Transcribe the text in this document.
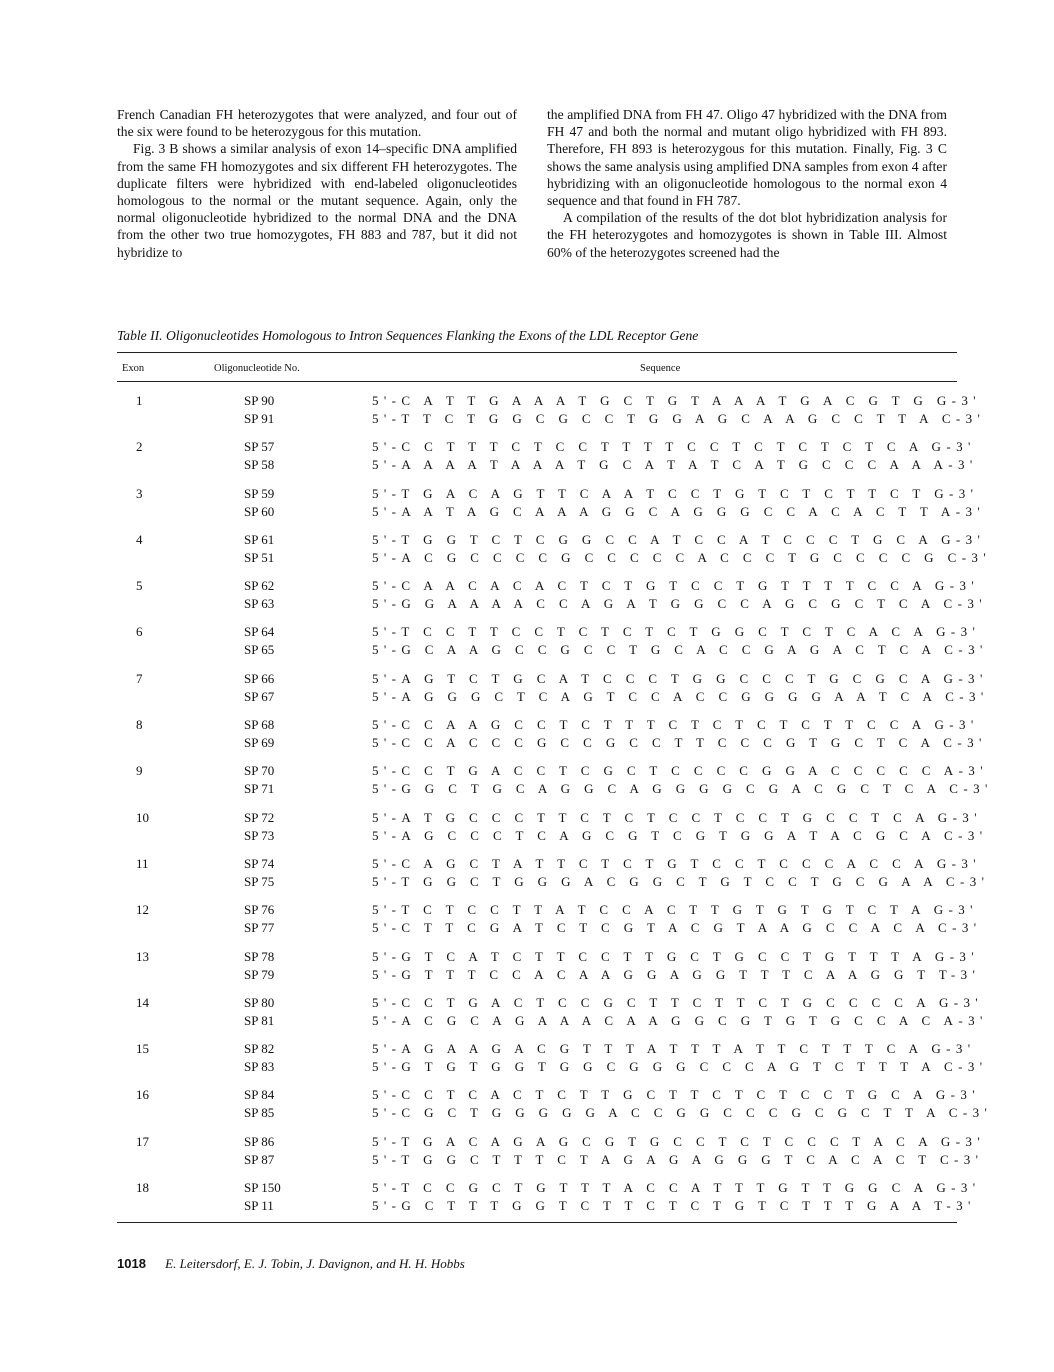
French Canadian FH heterozygotes that were analyzed, and four out of the six were found to be heterozygous for this mutation.

Fig. 3 B shows a similar analysis of exon 14–specific DNA amplified from the same FH homozygotes and six different FH heterozygotes. The duplicate filters were hybridized with end-labeled oligonucleotides homologous to the normal or the mutant sequence. Again, only the normal oligonucleotide hybridized to the normal DNA and the DNA from the other two true homozygotes, FH 883 and 787, but it did not hybridize to

the amplified DNA from FH 47. Oligo 47 hybridized with the DNA from FH 47 and both the normal and mutant oligo hybridized with FH 893. Therefore, FH 893 is heterozygous for this mutation. Finally, Fig. 3 C shows the same analysis using amplified DNA samples from exon 4 after hybridizing with an oligonucleotide homologous to the normal exon 4 sequence and that found in FH 787.

A compilation of the results of the dot blot hybridization analysis for the FH heterozygotes and homozygotes is shown in Table III. Almost 60% of the heterozygotes screened had the

Table II. Oligonucleotides Homologous to Intron Sequences Flanking the Exons of the LDL Receptor Gene
Exon	Oligonucleotide No.	Sequence
1	SP 90	5'-C A T T G A A A T G C T G T A A A T G A C G T G G-3'
SP 91	5'-T T C T G G C G C C T G G A G C A A G C C T T A C-3'
2	SP 57	5'-C C T T T C T C C T T T T C C T C T C T C T C A G-3'
SP 58	5'-A A A A T A A A T G C A T A T C A T G C C C A A A-3'
3	SP 59	5'-T G A C A G T T C A A T C C T G T C T C T T C T G-3'
SP 60	5'-A A T A G C A A A G G C A G G G C C A C A C T T A-3'
4	SP 61	5'-T G G T C T C G G C C A T C C A T C C C T G C A G-3'
SP 51	5'-A C G C C C C G C C C C C A C C C T G C C C C G C-3'
5	SP 62	5'-C A A C A C A C T C T G T C C T G T T T T C C A G-3'
SP 63	5'-G G A A A A C C A G A T G G C C A G C G C T C A C-3'
6	SP 64	5'-T C C T T C C T C T C T C T G G C T C T C A C A G-3'
SP 65	5'-G C A A G C C G C C T G C A C C G A G A C T C A C-3'
7	SP 66	5'-A G T C T G C A T C C C T G G C C C T G C G C A G-3'
SP 67	5'-A G G G C T C A G T C C A C C G G G G A A T C A C-3'
8	SP 68	5'-C C A A G C C T C T T T C T C T C T C T T C C A G-3'
SP 69	5'-C C A C C C G C C G C C T T C C C G T G C T C A C-3'
9	SP 70	5'-C C T G A C C T C G C T C C C C G G A C C C C C A-3'
SP 71	5'-G G C T G C A G G C A G G G G C G A C G C T C A C-3'
10	SP 72	5'-A T G C C C T T C T C T C C T C C T G C C T C A G-3'
SP 73	5'-A G C C C T C A G C G T C G T G G A T A C G C A C-3'
11	SP 74	5'-C A G C T A T T C T C T G T C C T C C C A C C A G-3'
SP 75	5'-T G G C T G G G A C G G C T G T C C T G C G A A C-3'
12	SP 76	5'-T C T C C T T A T C C A C T T G T G T G T C T A G-3'
SP 77	5'-C T T C G A T C T C G T A C G T A A G C C A C A C-3'
13	SP 78	5'-G T C A T C T T C C T T G C T G C C T G T T T A G-3'
SP 79	5'-G T T T C C A C A A G G A G G T T T C A A G G T T-3'
14	SP 80	5'-C C T G A C T C C G C T T C T T C T G C C C C A G-3'
SP 81	5'-A C G C A G A A A C A A G G C G T G T G C C A C A-3'
15	SP 82	5'-A G A A G A C G T T T A T T T A T T C T T T C A G-3'
SP 83	5'-G T G T G G T G G C G G G C C C A G T C T T T A C-3'
16	SP 84	5'-C C T C A C T C T T G C T T C T C T C C T G C A G-3'
SP 85	5'-C G C T G G G G G A C C G G C C C G C G C T T A C-3'
17	SP 86	5'-T G A C A G A G C G T G C C T C T C C C T A C A G-3'
SP 87	5'-T G G C T T T C T A G A G A G G G T C A C A C T C-3'
18	SP 150	5'-T C C G C T G T T T A C C A T T T G T T G G C A G-3'
SP 11	5'-G C T T T G G T C T T C T C T G T C T T T G A A T-3'
1018 E. Leitersdorf, E. J. Tobin, J. Davignon, and H. H. Hobbs
